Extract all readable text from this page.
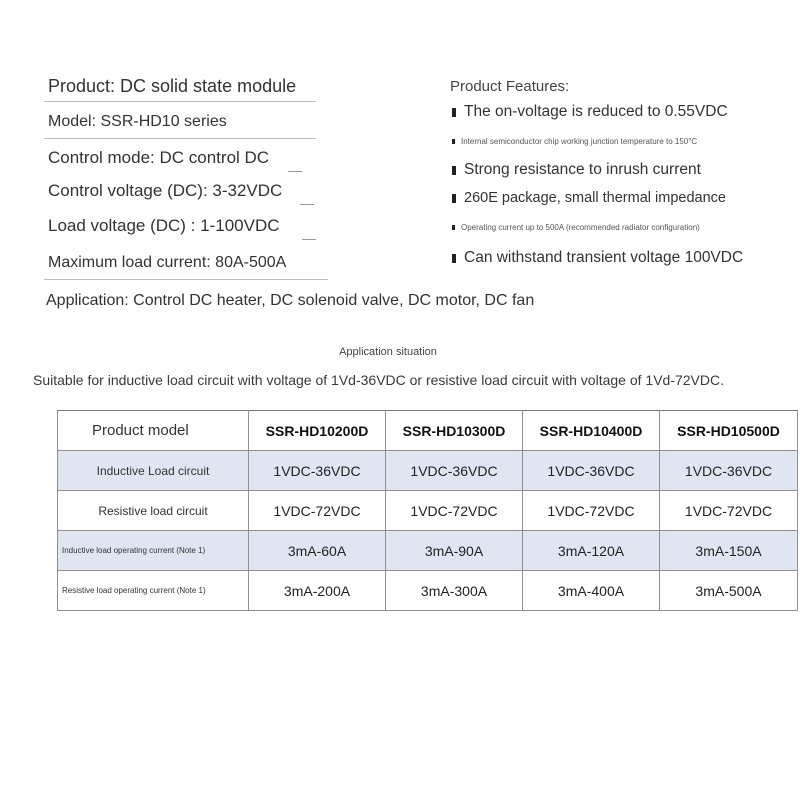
Product: DC solid state module
Model: SSR-HD10 series
Control mode: DC control DC
Control voltage (DC): 3-32VDC
Load voltage (DC) : 1-100VDC
Maximum load current: 80A-500A
Product Features:
The on-voltage is reduced to 0.55VDC
Internal semiconductor chip working junction temperature to 150°C
Strong resistance to inrush current
260E package, small thermal impedance
Operating current up to 500A (recommended radiator configuration)
Can withstand transient voltage 100VDC
Application: Control DC heater, DC solenoid valve, DC motor, DC fan
Application situation
Suitable for inductive load circuit with voltage of 1Vd-36VDC or resistive load circuit with voltage of 1Vd-72VDC.
Product model	SSR-HD10200D	SSR-HD10300D	SSR-HD10400D	SSR-HD10500D
Inductive Load circuit	1VDC-36VDC	1VDC-36VDC	1VDC-36VDC	1VDC-36VDC
Resistive load circuit	1VDC-72VDC	1VDC-72VDC	1VDC-72VDC	1VDC-72VDC
Inductive load operating current (Note 1)	3mA-60A	3mA-90A	3mA-120A	3mA-150A
Resistive load operating current (Note 1)	3mA-200A	3mA-300A	3mA-400A	3mA-500A
